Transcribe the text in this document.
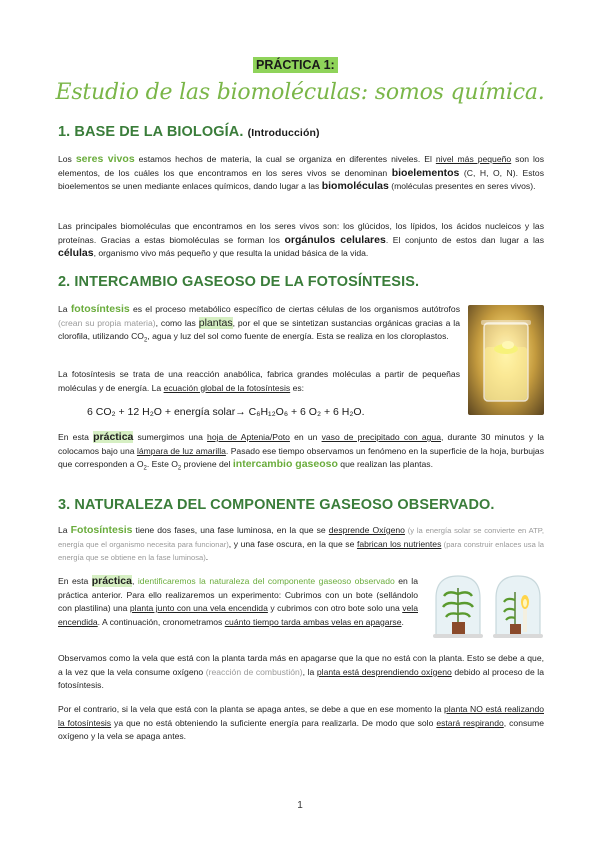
PRÁCTICA 1:
Estudio de las biomoléculas: somos química.
1. BASE DE LA BIOLOGÍA. (Introducción)

Los seres vivos estamos hechos de materia, la cual se organiza en diferentes niveles. El nivel más pequeño son los elementos, de los cuáles los que encontramos en los seres vivos se denominan bioelementos (C, H, O, N). Estos bioelementos se unen mediante enlaces químicos, dando lugar a las biomoléculas (moléculas presentes en seres vivos).

Las principales biomoléculas que encontramos en los seres vivos son: los glúcidos, los lípidos, los ácidos nucleicos y las proteínas. Gracias a estas biomoléculas se forman los orgánulos celulares. El conjunto de estos dan lugar a las células, organismo vivo más pequeño y que resulta la unidad básica de la vida.

2. INTERCAMBIO GASEOSO DE LA FOTOSÍNTESIS.

La fotosíntesis es el proceso metabólico específico de ciertas células de los organismos autótrofos (crean su propia materia), como las plantas, por el que se sintetizan sustancias orgánicas gracias a la clorofila, utilizando $CO_2$, agua y luz del sol como fuente de energía. Esta se realiza en los cloroplastos.

La fotosíntesis se trata de una reacción anabólica, fabrica grandes moléculas a partir de pequeñas moléculas y de energía. La ecuación global de la fotosíntesis es:

6 CO₂ + 12 H₂O + energía solar→ C₆H₁₂O₆ + 6 O₂ + 6 H₂O.

En esta práctica sumergimos una hoja de Aptenia/Poto en un vaso de precipitado con agua, durante 30 minutos y la colocamos bajo una lámpara de luz amarilla. Pasado ese tiempo observamos un fenómeno en la superficie de la hoja, burbujas que corresponden a $O_2$. Este $O_2$ proviene del intercambio gaseoso que realizan las plantas.

3. NATURALEZA DEL COMPONENTE GASEOSO OBSERVADO.

La Fotosíntesis tiene dos fases, una fase luminosa, en la que se desprende Oxígeno (y la energía solar se convierte en ATP, energía que el organismo necesita para funcionar), y una fase oscura, en la que se fabrican los nutrientes (para construir enlaces usa la energía que se obtiene en la fase luminosa).

En esta práctica, identificaremos la naturaleza del componente gaseoso observado en la práctica anterior. Para ello realizaremos un experimento: Cubrimos con un bote (sellándolo con plastilina) una planta junto con una vela encendida y cubrimos con otro bote solo una vela encendida. A continuación, cronometramos cuánto tiempo tarda ambas velas en apagarse.

Observamos como la vela que está con la planta tarda más en apagarse que la que no está con la planta. Esto se debe a que, a la vez que la vela consume oxígeno (reacción de combustión), la planta está desprendiendo oxígeno debido al proceso de la fotosíntesis.

Por el contrario, si la vela que está con la planta se apaga antes, se debe a que en ese momento la planta NO está realizando la fotosíntesis ya que no está obteniendo la suficiente energía para realizarla. De modo que solo estará respirando, consume oxígeno y la vela se apaga antes.

1
